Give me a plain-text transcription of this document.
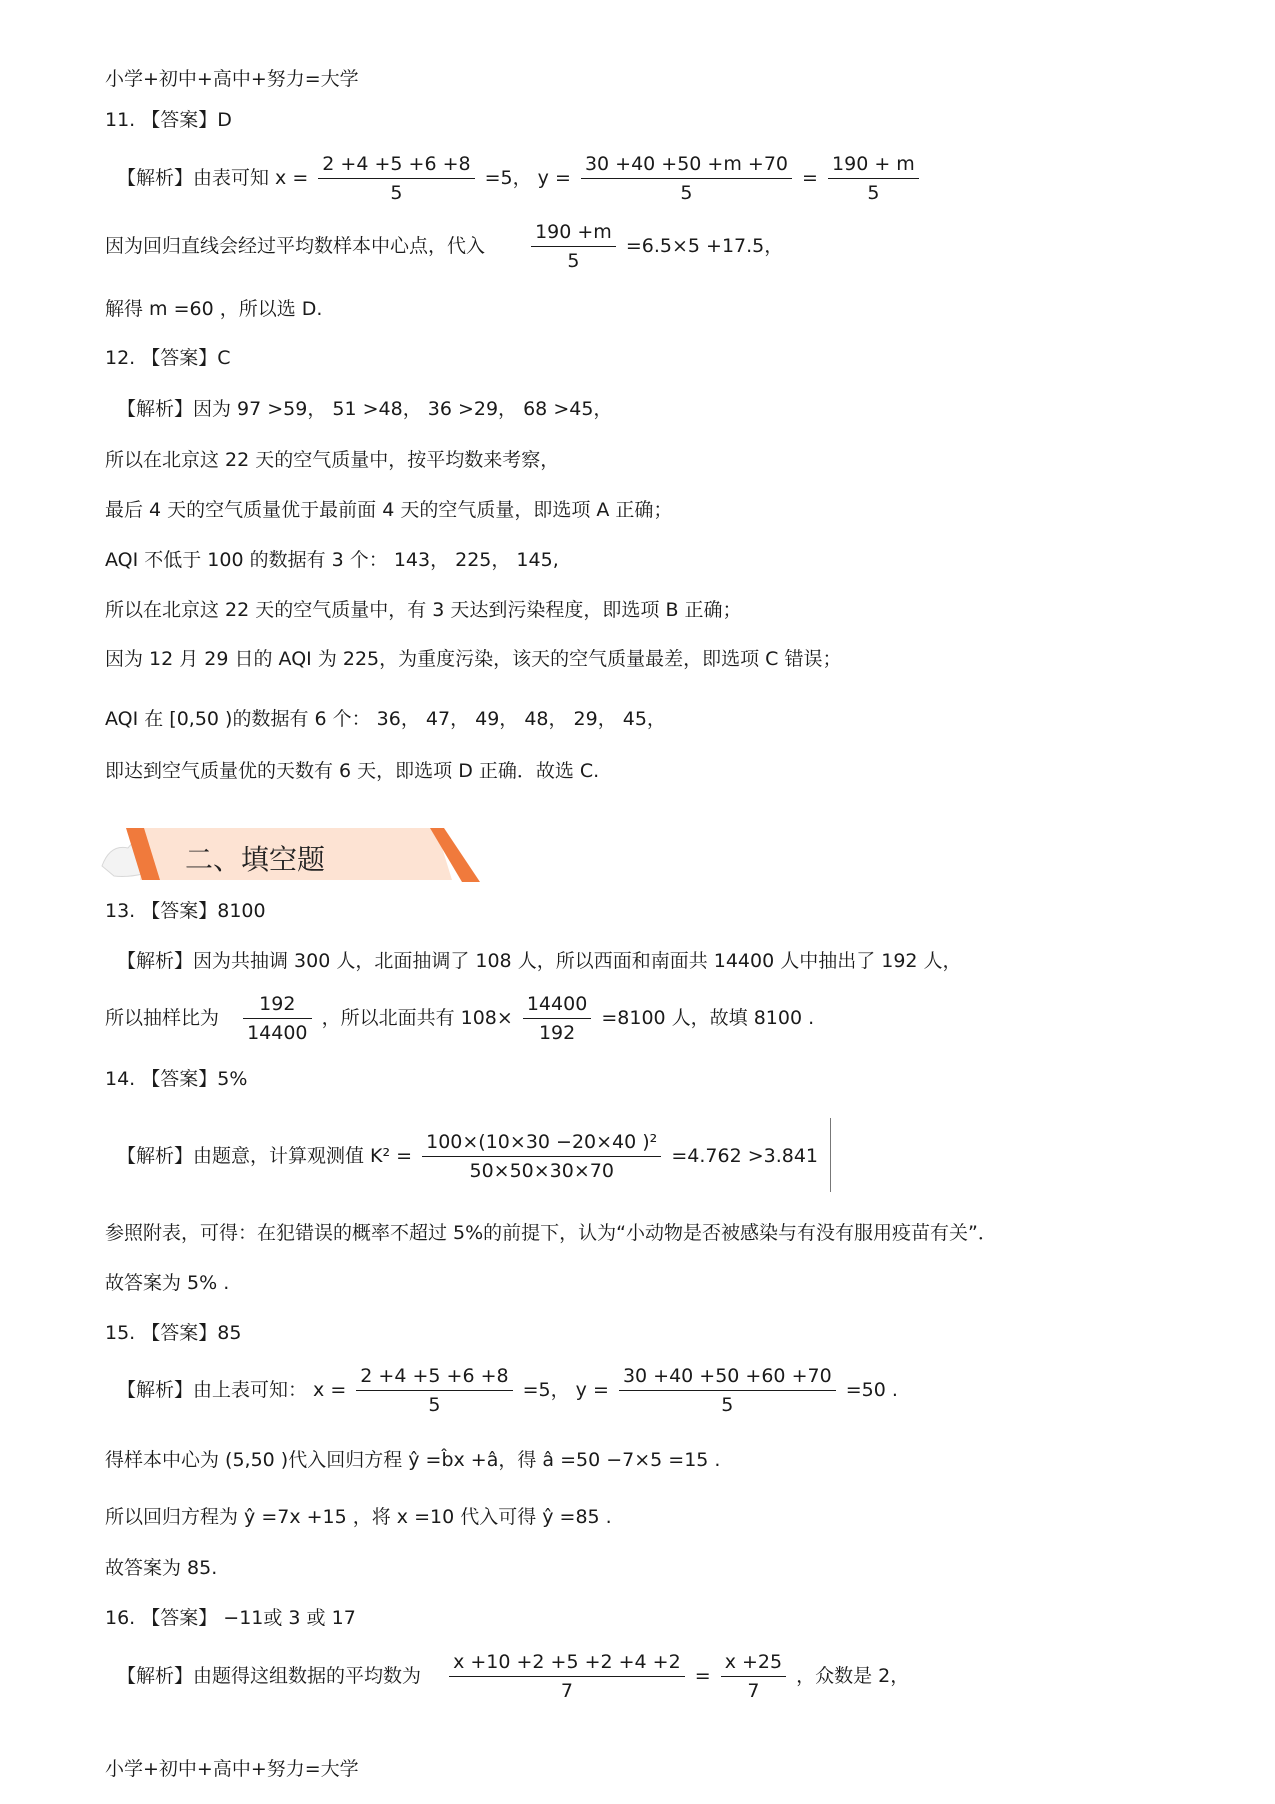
小学+初中+高中+努力=大学
11. 【答案】D
【解析】由表可知 $x = \frac{2 +4 +5 +6 +8}{5} =5$， $y = \frac{30 +40 +50 +m +70}{5} = \frac{190 + m}{5}$
因为回归直线会经过平均数样本中心点，代入 $\frac{190 +m}{5} =6.5\times 5 +17.5$，
解得 m =60 ，所以选 D.
12. 【答案】C
【解析】因为 97 >59， 51 >48， 36 >29， 68 >45，
所以在北京这 22 天的空气质量中，按平均数来考察，
最后 4 天的空气质量优于最前面 4 天的空气质量，即选项 A 正确；
AQI 不低于 100 的数据有 3 个： 143， 225， 145,
所以在北京这 22 天的空气质量中，有 3 天达到污染程度，即选项 B 正确；
因为 12 月 29 日的 AQI 为 225，为重度污染，该天的空气质量最差，即选项 C 错误；
AQI 在 [0,50 )的数据有 6 个： 36， 47， 49， 48， 29， 45，
即达到空气质量优的天数有 6 天，即选项 D 正确．故选 C.
二、填空题
13. 【答案】8100
【解析】因为共抽调 300 人，北面抽调了 108 人，所以西面和南面共 14400 人中抽出了 192 人，
所以抽样比为 $\frac{192}{14400}$ ，所以北面共有 $108\times \frac{14400}{192} =8100$ 人，故填 8100 .
14. 【答案】5%
【解析】由题意，计算观测值 $K^2 = \frac{\text{100×(10×30 −20×40 )²}}{50\times 50\times 30\times 70} =4.762 >3.841$
参照附表，可得：在犯错误的概率不超过 5%的前提下，认为“小动物是否被感染与有没有服用疫苗有关”．
故答案为 5% .
15. 【答案】85
【解析】由上表可知： $x = \frac{2 +4 +5 +6 +8}{5} =5$， $y = \frac{30 +40 +50 +60 +70}{5} =50$ .
得样本中心为 (5,50 )代入回归方程 ŷ =b̂x +â，得 â =50 −7×5 =15 .
所以回归方程为 ŷ =7x +15 ，将 x =10 代入可得 ŷ =85 .
故答案为 85.
16. 【答案】 −11或 3 或 17
【解析】由题得这组数据的平均数为 $\frac{x +10 +2 +5 +2 +4 +2}{7} = \frac{x +25}{7}$ ，众数是 2，
小学+初中+高中+努力=大学
